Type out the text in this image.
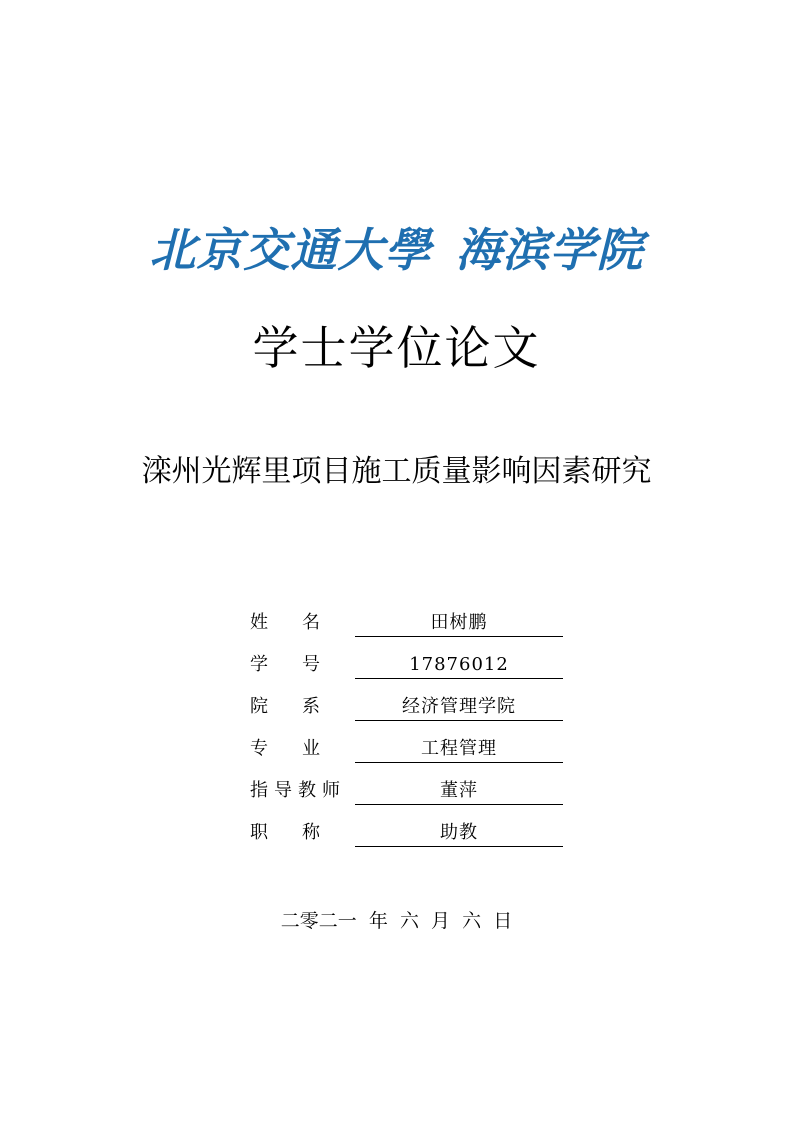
北京交通大學 海滨学院
学士学位论文
滦州光辉里项目施工质量影响因素研究
姓 名	田树鹏
学 号	17876012
院 系	经济管理学院
专 业	工程管理
指 导 教 师	董萍
职 称	助教
二零二一  年  六  月  六  日
